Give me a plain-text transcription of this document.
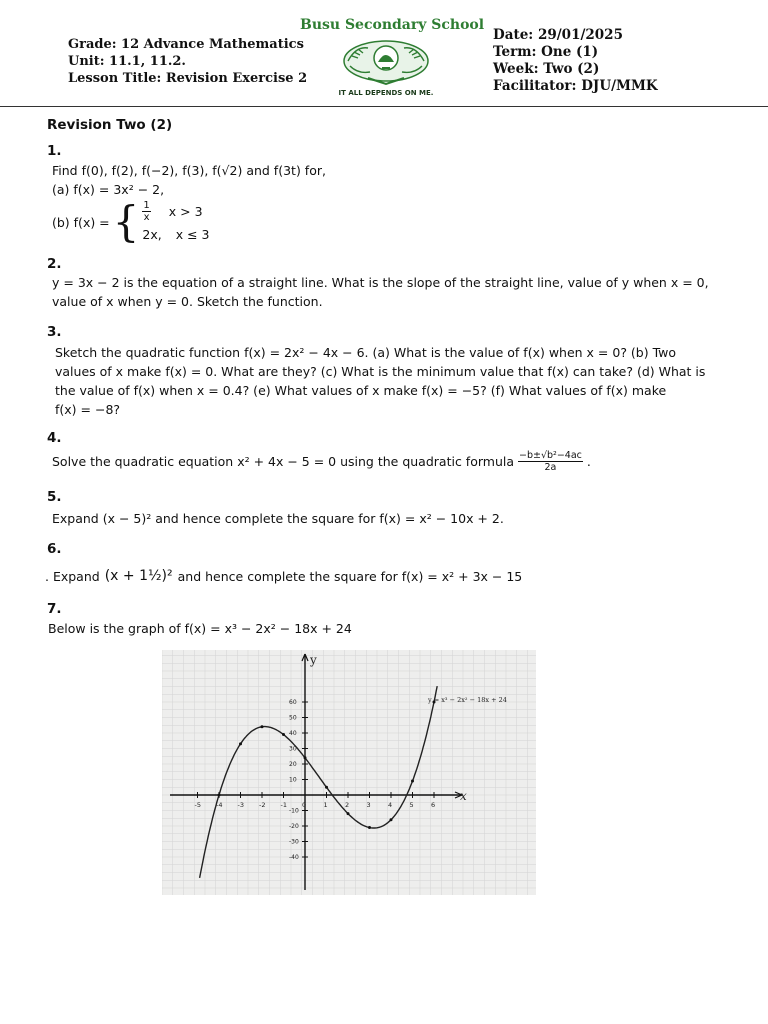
Busu Secondary School
IT ALL DEPENDS ON ME.
Grade: 12 Advance Mathematics
Unit: 11.1, 11.2.
Lesson Title: Revision Exercise 2
Date: 29/01/2025
Term: One (1)
Week: Two (2)
Facilitator: DJU/MMK
Revision Two (2)
1.
Find f(0), f(2), f(−2), f(3), f(√2) and f(3t) for,
(a) f(x) = 3x² − 2,
(b) f(x) = { $\frac{1}{x}$ x > 3
2x, x ≤ 3
2.
y = 3x − 2 is the equation of a straight line. What is the slope of the straight line, value of y when x = 0,
value of x when y = 0. Sketch the function.
3.
Sketch the quadratic function f(x) = 2x² − 4x − 6. (a) What is the value of f(x) when x = 0? (b) Two
values of x make f(x) = 0. What are they? (c) What is the minimum value that f(x) can take? (d) What is
the value of f(x) when x = 0.4? (e) What values of x make f(x) = −5? (f) What values of f(x) make
f(x) = −8?
4.
Solve the quadratic equation x² + 4x − 5 = 0 using the quadratic formula $\frac{\text{−b±√b²−4ac}}{2a}$ .
5.
Expand (x − 5)² and hence complete the square for f(x) = x² − 10x + 2.
6.
. Expand (x + 1½)² and hence complete the square for f(x) = x² + 3x − 15
7.
Below is the graph of f(x) = x³ − 2x² − 18x + 24
-5 -4 -3 -2 -1 0	1	2	3	4	5	6
60
50
40
30
20
10
-10
-20
-30
-40
y = x³ − 2x² − 18x + 24
x
y
